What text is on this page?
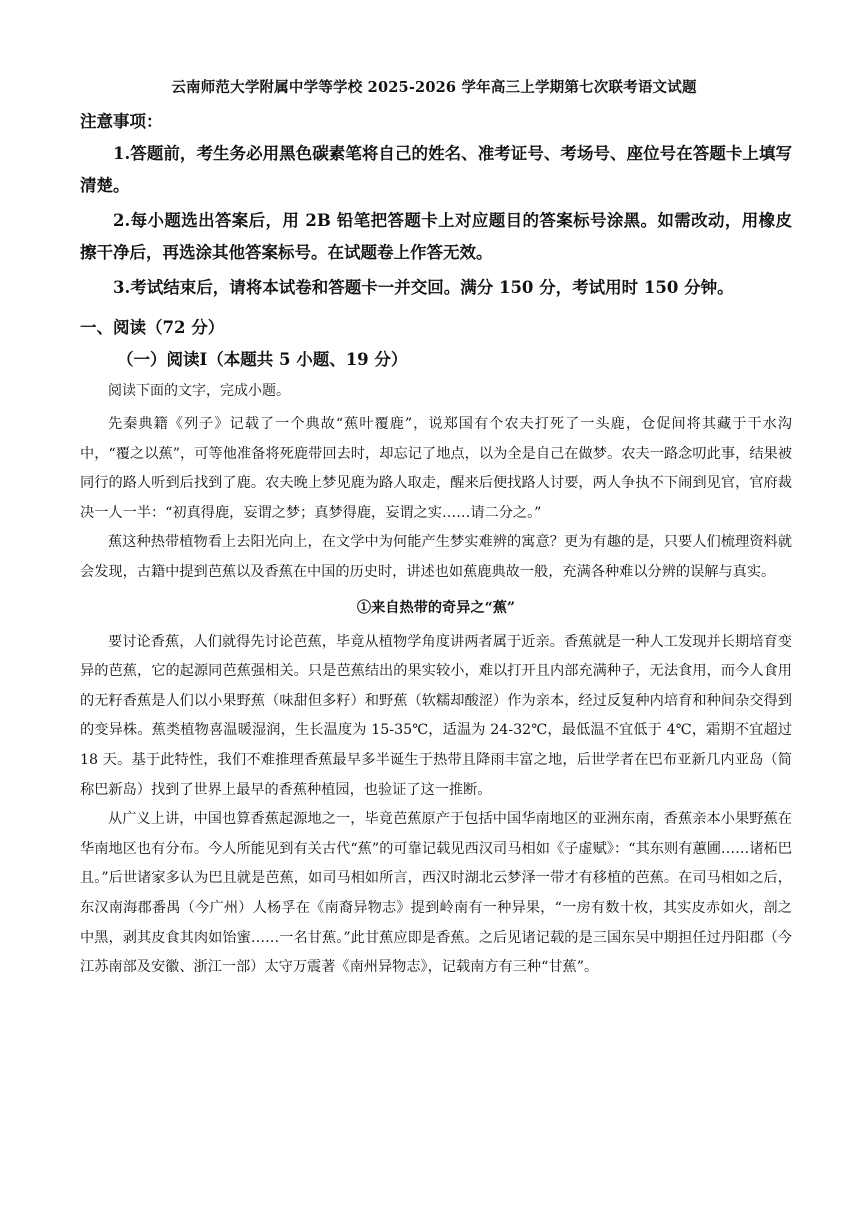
云南师范大学附属中学等学校 2025-2026 学年高三上学期第七次联考语文试题
注意事项：

1.答题前，考生务必用黑色碳素笔将自己的姓名、准考证号、考场号、座位号在答题卡上填写清楚。

2.每小题选出答案后，用 2B 铅笔把答题卡上对应题目的答案标号涂黑。如需改动，用橡皮擦干净后，再选涂其他答案标号。在试题卷上作答无效。

3.考试结束后，请将本试卷和答题卡一并交回。满分 150 分，考试用时 150 分钟。

一、阅读（72 分）
（一）阅读Ⅰ（本题共 5 小题、19 分）
阅读下面的文字，完成小题。

先秦典籍《列子》记载了一个典故“蕉叶覆鹿”，说郑国有个农夫打死了一头鹿，仓促间将其藏于干水沟中，“覆之以蕉”，可等他准备将死鹿带回去时，却忘记了地点，以为全是自己在做梦。农夫一路念叨此事，结果被同行的路人听到后找到了鹿。农夫晚上梦见鹿为路人取走，醒来后便找路人讨要，两人争执不下闹到见官，官府裁决一人一半：“初真得鹿，妄谓之梦；真梦得鹿，妄谓之实……请二分之。”

蕉这种热带植物看上去阳光向上，在文学中为何能产生梦实难辨的寓意？更为有趣的是，只要人们梳理资料就会发现，古籍中提到芭蕉以及香蕉在中国的历史时，讲述也如蕉鹿典故一般，充满各种难以分辨的误解与真实。

①来自热带的奇异之“蕉”

要讨论香蕉，人们就得先讨论芭蕉，毕竟从植物学角度讲两者属于近亲。香蕉就是一种人工发现并长期培育变异的芭蕉，它的起源同芭蕉强相关。只是芭蕉结出的果实较小，难以打开且内部充满种子，无法食用，而今人食用的无籽香蕉是人们以小果野蕉（味甜但多籽）和野蕉（软糯却酸涩）作为亲本，经过反复种内培育和种间杂交得到的变异株。蕉类植物喜温暖湿润，生长温度为 15-35℃，适温为 24-32℃，最低温不宜低于 4℃，霜期不宜超过 18 天。基于此特性，我们不难推理香蕉最早多半诞生于热带且降雨丰富之地，后世学者在巴布亚新几内亚岛（简称巴新岛）找到了世界上最早的香蕉种植园，也验证了这一推断。

从广义上讲，中国也算香蕉起源地之一，毕竟芭蕉原产于包括中国华南地区的亚洲东南，香蕉亲本小果野蕉在华南地区也有分布。今人所能见到有关古代“蕉”的可靠记载见西汉司马相如《子虚赋》：“其东则有蕙圃……诸柘巴且。”后世诸家多认为巴且就是芭蕉，如司马相如所言，西汉时湖北云梦泽一带才有移植的芭蕉。在司马相如之后，东汉南海郡番禺（今广州）人杨孚在《南裔异物志》提到岭南有一种异果，“一房有数十枚，其实皮赤如火，剖之中黑，剥其皮食其肉如饴蜜……一名甘蕉。”此甘蕉应即是香蕉。之后见诸记载的是三国东吴中期担任过丹阳郡（今江苏南部及安徽、浙江一部）太守万震著《南州异物志》，记载南方有三种“甘蕉”。
